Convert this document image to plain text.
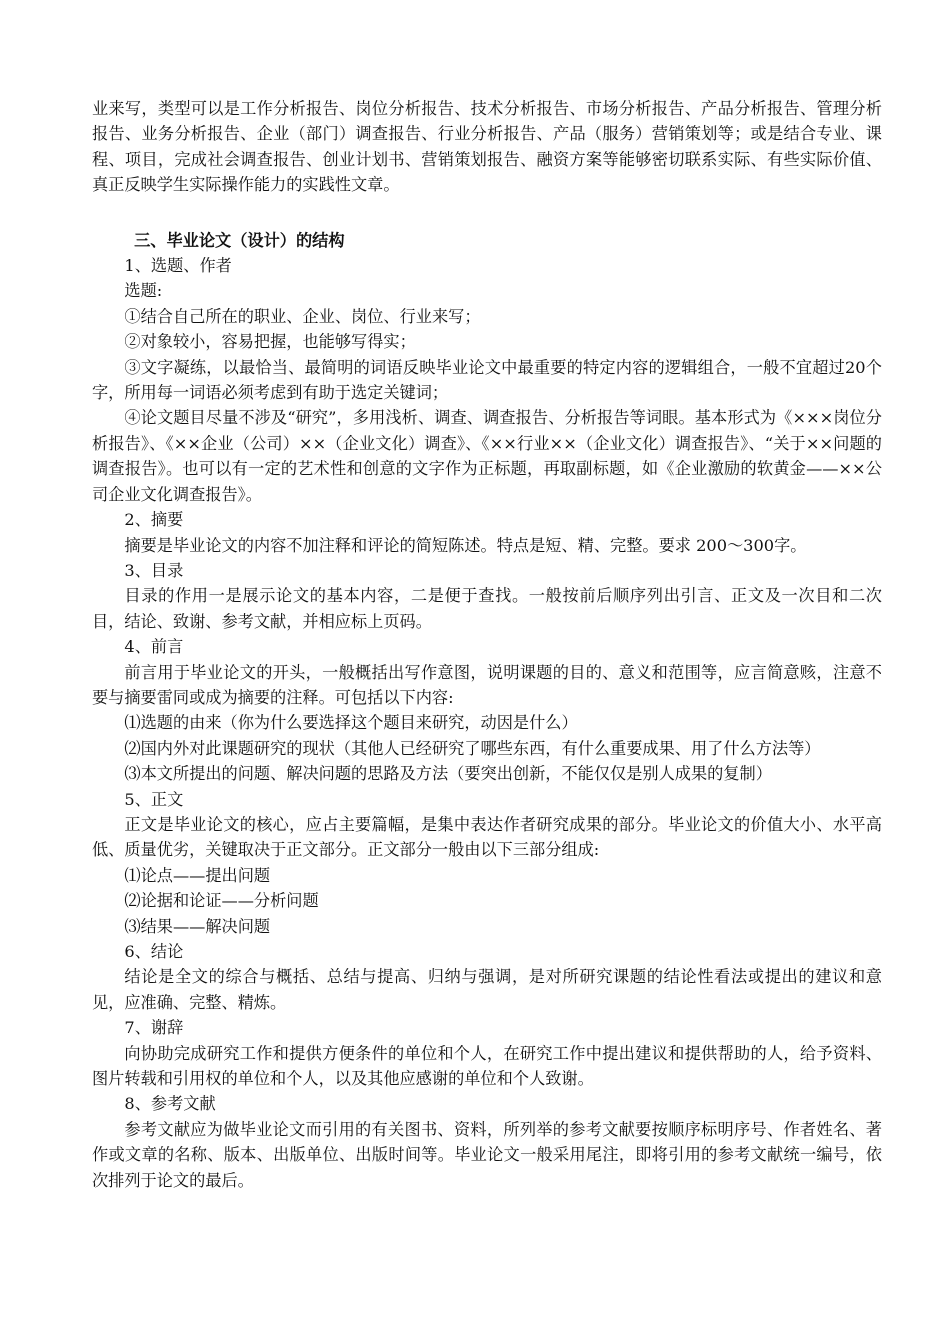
业来写，类型可以是工作分析报告、岗位分析报告、技术分析报告、市场分析报告、产品分析报告、管理分析报告、业务分析报告、企业（部门）调查报告、行业分析报告、产品（服务）营销策划等；或是结合专业、课程、项目，完成社会调查报告、创业计划书、营销策划报告、融资方案等能够密切联系实际、有些实际价值、真正反映学生实际操作能力的实践性文章。

三、毕业论文（设计）的结构

1、选题、作者

选题:

①结合自己所在的职业、企业、岗位、行业来写；

②对象较小，容易把握，也能够写得实；

③文字凝练，以最恰当、最简明的词语反映毕业论文中最重要的特定内容的逻辑组合，一般不宜超过20个字，所用每一词语必须考虑到有助于选定关键词；

④论文题目尽量不涉及“研究”，多用浅析、调查、调查报告、分析报告等词眼。基本形式为《×××岗位分析报告》、《××企业（公司）××（企业文化）调查》、《××行业××（企业文化）调查报告》、“关于××问题的调查报告》。也可以有一定的艺术性和创意的文字作为正标题，再取副标题，如《企业激励的软黄金——××公司企业文化调查报告》。

2、摘要

摘要是毕业论文的内容不加注释和评论的简短陈述。特点是短、精、完整。要求 200～300字。

3、目录

目录的作用一是展示论文的基本内容，二是便于查找。一般按前后顺序列出引言、正文及一次目和二次目，结论、致谢、参考文献，并相应标上页码。

4、前言

前言用于毕业论文的开头，一般概括出写作意图，说明课题的目的、意义和范围等，应言简意赅，注意不要与摘要雷同或成为摘要的注释。可包括以下内容:

⑴选题的由来（你为什么要选择这个题目来研究，动因是什么）

⑵国内外对此课题研究的现状（其他人已经研究了哪些东西，有什么重要成果、用了什么方法等）

⑶本文所提出的问题、解决问题的思路及方法（要突出创新，不能仅仅是别人成果的复制）

5、正文

正文是毕业论文的核心，应占主要篇幅，是集中表达作者研究成果的部分。毕业论文的价值大小、水平高低、质量优劣，关键取决于正文部分。正文部分一般由以下三部分组成:

⑴论点——提出问题

⑵论据和论证——分析问题

⑶结果——解决问题

6、结论

结论是全文的综合与概括、总结与提高、归纳与强调，是对所研究课题的结论性看法或提出的建议和意见，应准确、完整、精炼。

7、谢辞

向协助完成研究工作和提供方便条件的单位和个人，在研究工作中提出建议和提供帮助的人，给予资料、图片转载和引用权的单位和个人，以及其他应感谢的单位和个人致谢。

8、参考文献

参考文献应为做毕业论文而引用的有关图书、资料，所列举的参考文献要按顺序标明序号、作者姓名、著作或文章的名称、版本、出版单位、出版时间等。毕业论文一般采用尾注，即将引用的参考文献统一编号，依次排列于论文的最后。
